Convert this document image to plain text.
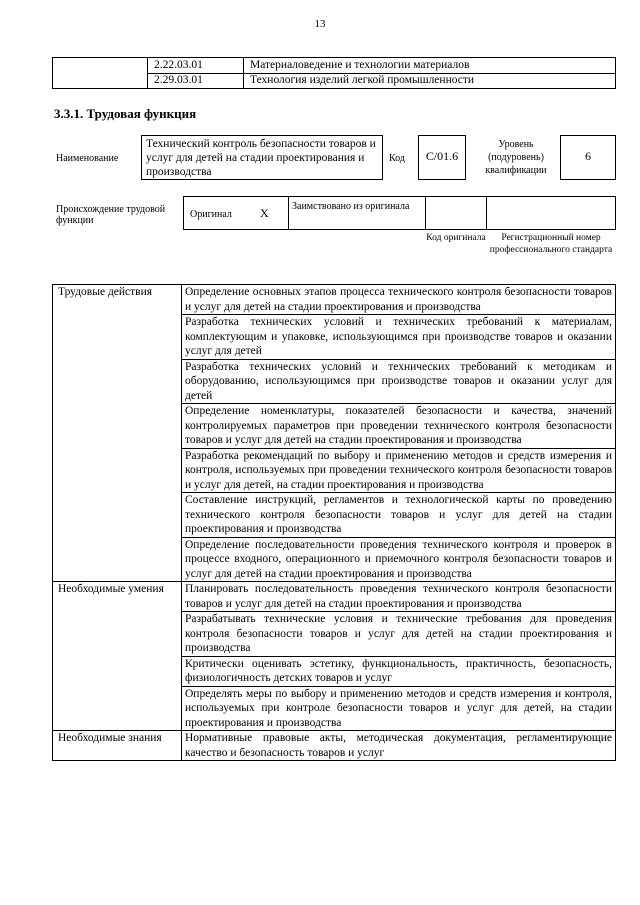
13
2.22.03.01	Материаловедение и технологии материалов
2.29.03.01	Технология изделий легкой промышленности
3.3.1. Трудовая функция
Наименование
Технический контроль безопасности товаров и услуг для детей на стадии проектирования и производства
Код	C/01.6
Уровень (подуровень) квалификации
6
Происхождение трудовой функции
Оригинал	X	Заимствовано из оригинала
Код оригинала	Регистрационный номер профессионального стандарта
Трудовые действия	Определение основных этапов процесса технического контроля безопасности товаров и услуг для детей на стадии проектирования и производства
	Разработка технических условий и технических требований к материалам, комплектующим и упаковке, использующимся при производстве товаров и оказании услуг для детей
	Разработка технических условий и технических требований к методикам и оборудованию, использующимся при производстве товаров и оказании услуг для детей
	Определение номенклатуры, показателей безопасности и качества, значений контролируемых параметров при проведении технического контроля безопасности товаров и услуг для детей на стадии проектирования и производства
	Разработка рекомендаций по выбору и применению методов и средств измерения и контроля, используемых при проведении технического контроля безопасности товаров и услуг для детей, на стадии проектирования и производства
	Составление инструкций, регламентов и технологической карты по проведению технического контроля безопасности товаров и услуг для детей на стадии проектирования и производства
	Определение последовательности проведения технического контроля и проверок в процессе входного, операционного и приемочного контроля безопасности товаров и услуг для детей на стадии проектирования и производства
Необходимые умения	Планировать последовательность проведения технического контроля безопасности товаров и услуг для детей на стадии проектирования и производства
	Разрабатывать технические условия и технические требования для проведения контроля безопасности товаров и услуг для детей на стадии проектирования и производства
	Критически оценивать эстетику, функциональность, практичность, безопасность, физиологичность детских товаров и услуг
	Определять меры по выбору и применению методов и средств измерения и контроля, используемых при контроле безопасности товаров и услуг для детей, на стадии проектирования и производства
Необходимые знания	Нормативные правовые акты, методическая документация, регламентирующие качество и безопасность товаров и услуг
